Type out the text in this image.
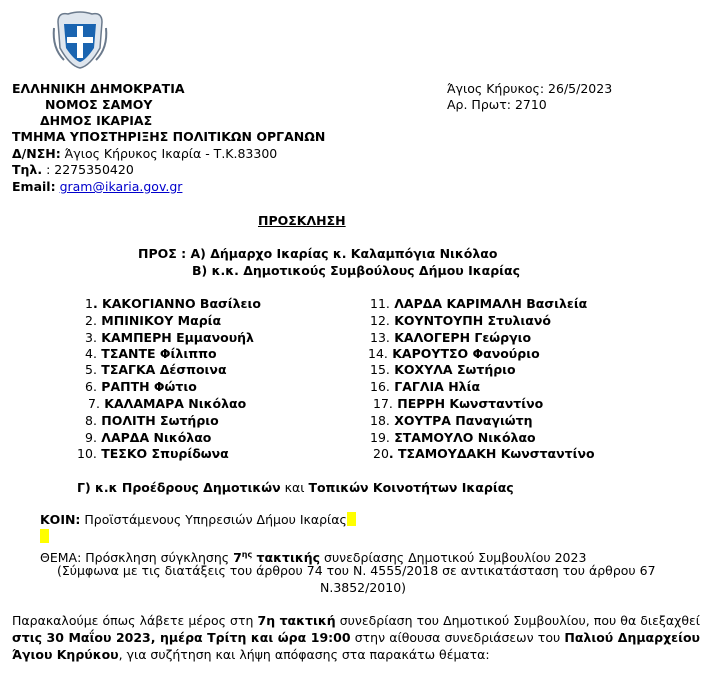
ΕΛΛΗΝΙΚΗ ΔΗΜΟΚΡΑΤΙΑ
ΝΟΜΟΣ ΣΑΜΟΥ
ΔΗΜΟΣ ΙΚΑΡΙΑΣ
ΤΜΗΜΑ ΥΠΟΣΤΗΡΙΞΗΣ ΠΟΛΙΤΙΚΩΝ ΟΡΓΑΝΩΝ
Δ/ΝΣΗ: Άγιος Κήρυκος Ικαρία - Τ.Κ.83300
Τηλ. : 2275350420
Email: gram@ikaria.gov.gr
Άγιος Κήρυκος: 26/5/2023
Αρ. Πρωτ: 2710
ΠΡΟΣΚΛΗΣΗ
ΠΡΟΣ : Α) Δήμαρχο Ικαρίας κ. Καλαμπόγια Νικόλαο
Β) κ.κ. Δημοτικούς Συμβούλους Δήμου Ικαρίας
1. ΚΑΚΟΓΙΑΝΝΟ Βασίλειο
2. ΜΠΙΝΙΚΟΥ Μαρία
3. ΚΑΜΠΕΡΗ Εμμανουήλ
4. ΤΣΑΝΤΕ Φίλιππο
5. ΤΣΑΓΚΑ Δέσποινα
6. ΡΑΠΤΗ Φώτιο
7. ΚΑΛΑΜΑΡΑ Νικόλαο
8. ΠΟΛΙΤΗ Σωτήριο
9. ΛΑΡΔΑ Νικόλαο
10. ΤΕΣΚΟ Σπυρίδωνα
11. ΛΑΡΔΑ ΚΑΡΙΜΑΛΗ Βασιλεία
12. ΚΟΥΝΤΟΥΠΗ Στυλιανό
13. ΚΑΛΟΓΕΡΗ Γεώργιο
14. ΚΑΡΟΥΤΣΟ Φανούριο
15. ΚΟΧΥΛΑ Σωτήριο
16. ΓΑΓΛΙΑ Ηλία
17. ΠΕΡΡΗ Κωνσταντίνο
18. ΧΟΥΤΡΑ Παναγιώτη
19. ΣΤΑΜΟΥΛΟ Νικόλαο
20. ΤΣΑΜΟΥΔΑΚΗ Κωνσταντίνο
Γ) κ.κ Προέδρους Δημοτικών και Τοπικών Κοινοτήτων Ικαρίας
ΚΟΙΝ: Προϊστάμενους Υπηρεσιών Δήμου Ικαρίας
ΘΕΜΑ: Πρόσκληση σύγκλησης $7^{\eta\varsigma}$ τακτικής συνεδρίασης Δημοτικού Συμβουλίου 2023
(Σύμφωνα με τις διατάξεις του άρθρου 74 του Ν. 4555/2018 σε αντικατάσταση του άρθρου 67
Ν.3852/2010)
Παρακαλούμε όπως λάβετε μέρος στη 7η τακτική συνεδρίαση του Δημοτικού Συμβουλίου, που θα διεξαχθεί στις 30 Μαΐου 2023, ημέρα Τρίτη και ώρα 19:00 στην αίθουσα συνεδριάσεων του Παλιού Δημαρχείου Άγιου Κηρύκου, για συζήτηση και λήψη απόφασης στα παρακάτω θέματα:
